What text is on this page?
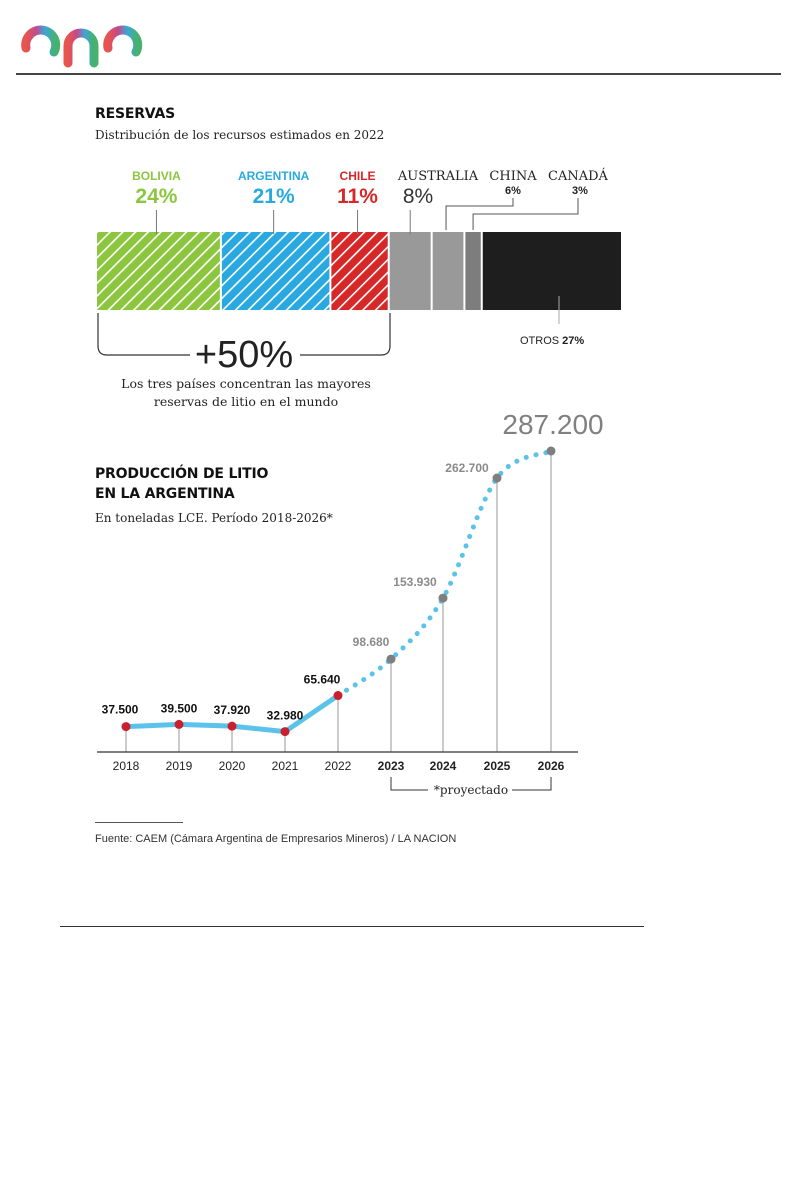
RESERVAS
Distribución de los recursos estimados en 2022
BOLIVIA
24%
ARGENTINA
21%
CHILE
11%
AUSTRALIA
8%
CHINA
6%
CANADÁ
3%
OTROS 27%
+50%
Los tres países concentran las mayores
reservas de litio en el mundo
PRODUCCIÓN DE LITIO
EN LA ARGENTINA
En toneladas LCE. Período 2018-2026*
37.500 39.500 37.920 32.980
65.640
98.680
153.930
262.700
287.200
2018 2019 2020 2021 2022 2023 2024 2025 2026
*proyectado
Fuente: CAEM (Cámara Argentina de Empresarios Mineros) / LA NACION
